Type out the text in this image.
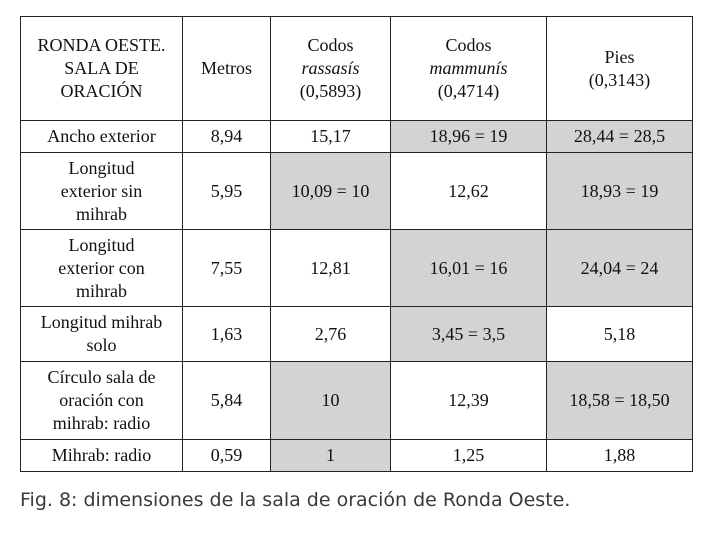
RONDA OESTE.
SALA DE
ORACIÓN	Metros	Codos
rassasís
(0,5893)	Codos
mammunís
(0,4714)	Pies
(0,3143)

Ancho exterior	8,94	15,17	18,96 = 19	28,44 = 28,5

Longitud
exterior sin
mihrab	5,95	10,09 = 10	12,62	18,93 = 19

Longitud
exterior con
mihrab	7,55	12,81	16,01 = 16	24,04 = 24

Longitud mihrab
solo	1,63	2,76	3,45 = 3,5	5,18

Círculo sala de
oración con
mihrab: radio	5,84	10	12,39	18,58 = 18,50

Mihrab: radio	0,59	1	1,25	1,88
Fig. 8: dimensiones de la sala de oración de Ronda Oeste.
